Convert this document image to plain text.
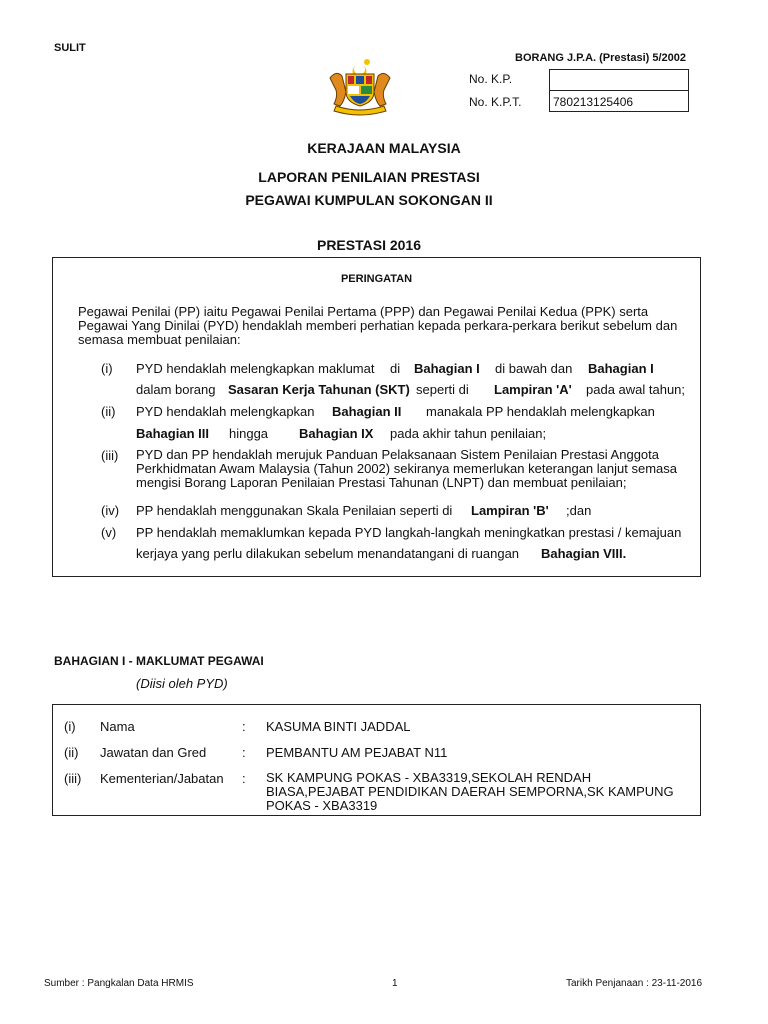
SULIT
BORANG J.P.A. (Prestasi) 5/2002
No. K.P.
No. K.P.T.	780213125406
KERAJAAN MALAYSIA
LAPORAN PENILAIAN PRESTASI
PEGAWAI KUMPULAN SOKONGAN II
PRESTASI 2016
PERINGATAN
Pegawai Penilai (PP) iaitu Pegawai Penilai Pertama (PPP) dan Pegawai Penilai Kedua (PPK) serta Pegawai Yang Dinilai (PYD) hendaklah memberi perhatian kepada perkara-perkara berikut sebelum dan semasa membuat penilaian:
(i) PYD hendaklah melengkapkan maklumat di Bahagian I di bawah dan Bahagian I
dalam borang Sasaran Kerja Tahunan (SKT) seperti di Lampiran 'A' pada awal tahun;
(ii) PYD hendaklah melengkapkan Bahagian II manakala PP hendaklah melengkapkan
Bahagian III hingga Bahagian IX pada akhir tahun penilaian;
(iii) PYD dan PP hendaklah merujuk Panduan Pelaksanaan Sistem Penilaian Prestasi Anggota Perkhidmatan Awam Malaysia (Tahun 2002) sekiranya memerlukan keterangan lanjut semasa mengisi Borang Laporan Penilaian Prestasi Tahunan (LNPT) dan membuat penilaian;
(iv) PP hendaklah menggunakan Skala Penilaian seperti di Lampiran 'B' ;dan
(v) PP hendaklah memaklumkan kepada PYD langkah-langkah meningkatkan prestasi / kemajuan
kerjaya yang perlu dilakukan sebelum menandatangani di ruangan Bahagian VIII.
BAHAGIAN I - MAKLUMAT PEGAWAI
(Diisi oleh PYD)
(i) Nama	: KASUMA BINTI JADDAL
(ii) Jawatan dan Gred	: PEMBANTU AM PEJABAT N11
(iii) Kementerian/Jabatan : SK KAMPUNG POKAS - XBA3319,SEKOLAH RENDAH BIASA,PEJABAT PENDIDIKAN DAERAH SEMPORNA,SK KAMPUNG POKAS - XBA3319
Sumber : Pangkalan Data HRMIS	1	Tarikh Penjanaan : 23-11-2016
